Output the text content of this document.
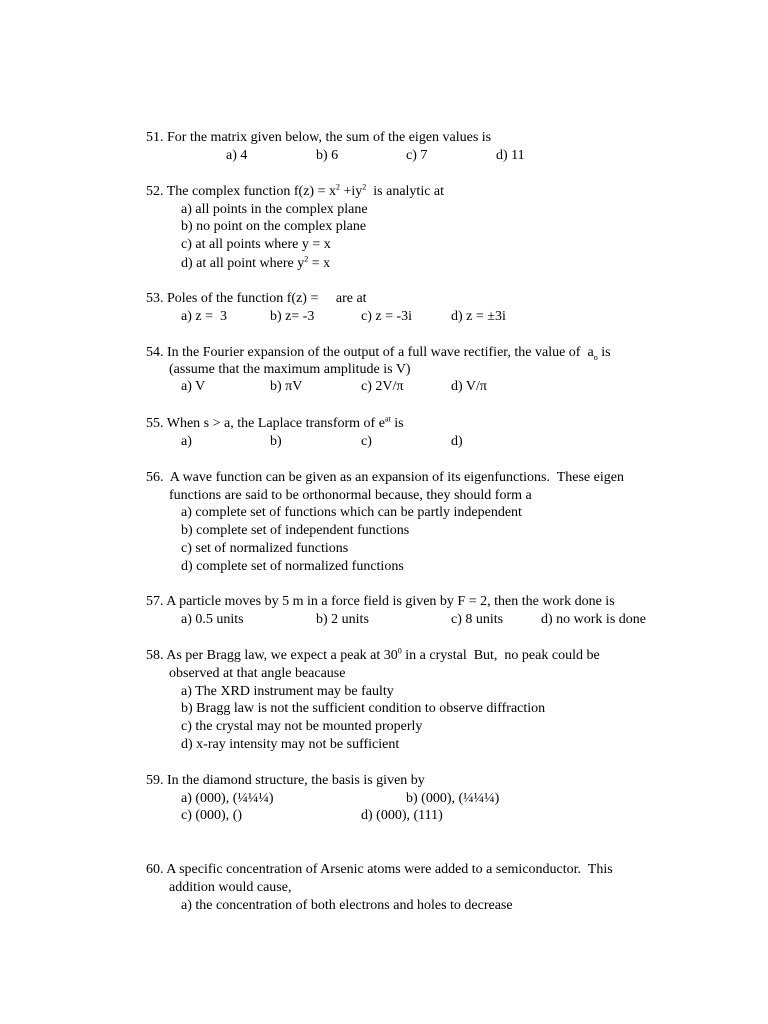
51. For the matrix given below, the sum of the eigen values is
a) 4	b) 6	c) 7	d) 11
52. The complex function $f(z) = x^2 +iy^2$  is analytic at
a) all points in the complex plane
b) no point on the complex plane
c) at all points where y = x
d) at all point where $y^2 = x$
53. Poles of the function f(z) =     are at
a) z =  3	b) z= -3	c) z = -3i	d) z = ±3i
54. In the Fourier expansion of the output of a full wave rectifier, the value of  $a_o$ is
(assume that the maximum amplitude is V)
a) V	b) πV	c) 2V/π	d) V/π
55. When s > a, the Laplace transform of $e^{at}$ is
a)	b)	c)	d)
56.  A wave function can be given as an expansion of its eigenfunctions.  These eigen
functions are said to be orthonormal because, they should form a
a) complete set of functions which can be partly independent
b) complete set of independent functions
c) set of normalized functions
d) complete set of normalized functions
57. A particle moves by 5 m in a force field is given by F = 2, then the work done is
a) 0.5 units	b) 2 units	c) 8 units	d) no work is done
58. As per Bragg law, we expect a peak at $30^0$ in a crystal  But,  no peak could be
observed at that angle beacause
a) The XRD instrument may be faulty
b) Bragg law is not the sufficient condition to observe diffraction
c) the crystal may not be mounted properly
d) x-ray intensity may not be sufficient
59. In the diamond structure, the basis is given by
a) (000), (¼¼¼)	b) (000), (¼¼¼)
c) (000), ()	d) (000), (111)
60. A specific concentration of Arsenic atoms were added to a semiconductor.  This
addition would cause,
a) the concentration of both electrons and holes to decrease
